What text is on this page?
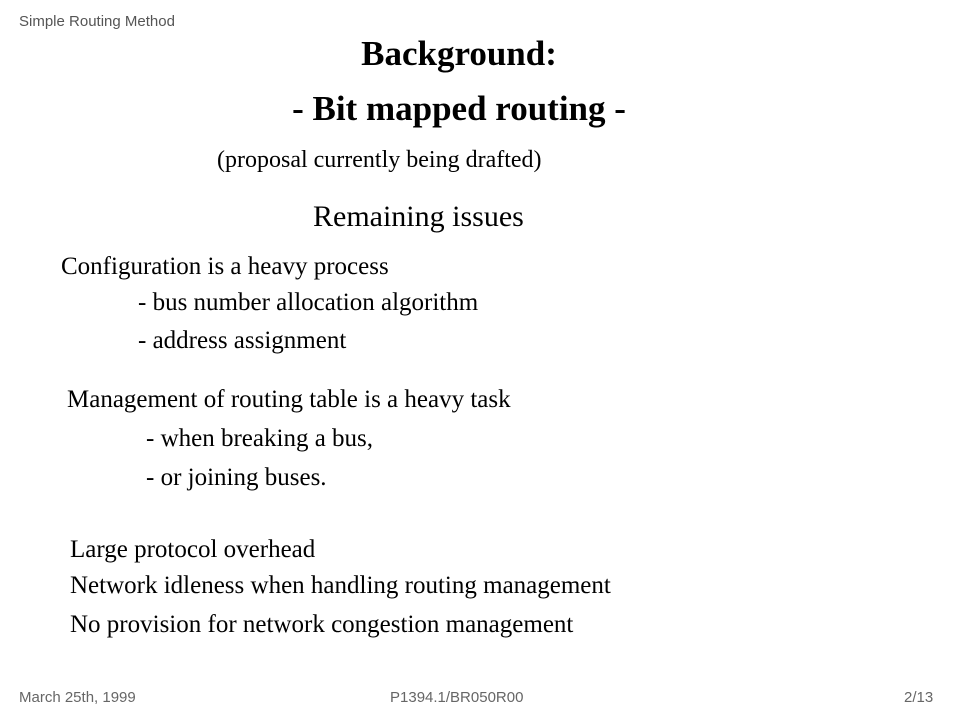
Simple Routing Method
Background:
- Bit mapped routing -
(proposal currently being drafted)
Remaining issues
Configuration is a heavy process
- bus number allocation algorithm
- address assignment
Management of routing table is a heavy task
- when breaking a bus,
- or joining buses.
Large protocol overhead
Network idleness when handling routing management
No provision for network congestion management
March 25th, 1999	P1394.1/BR050R00	2/13
